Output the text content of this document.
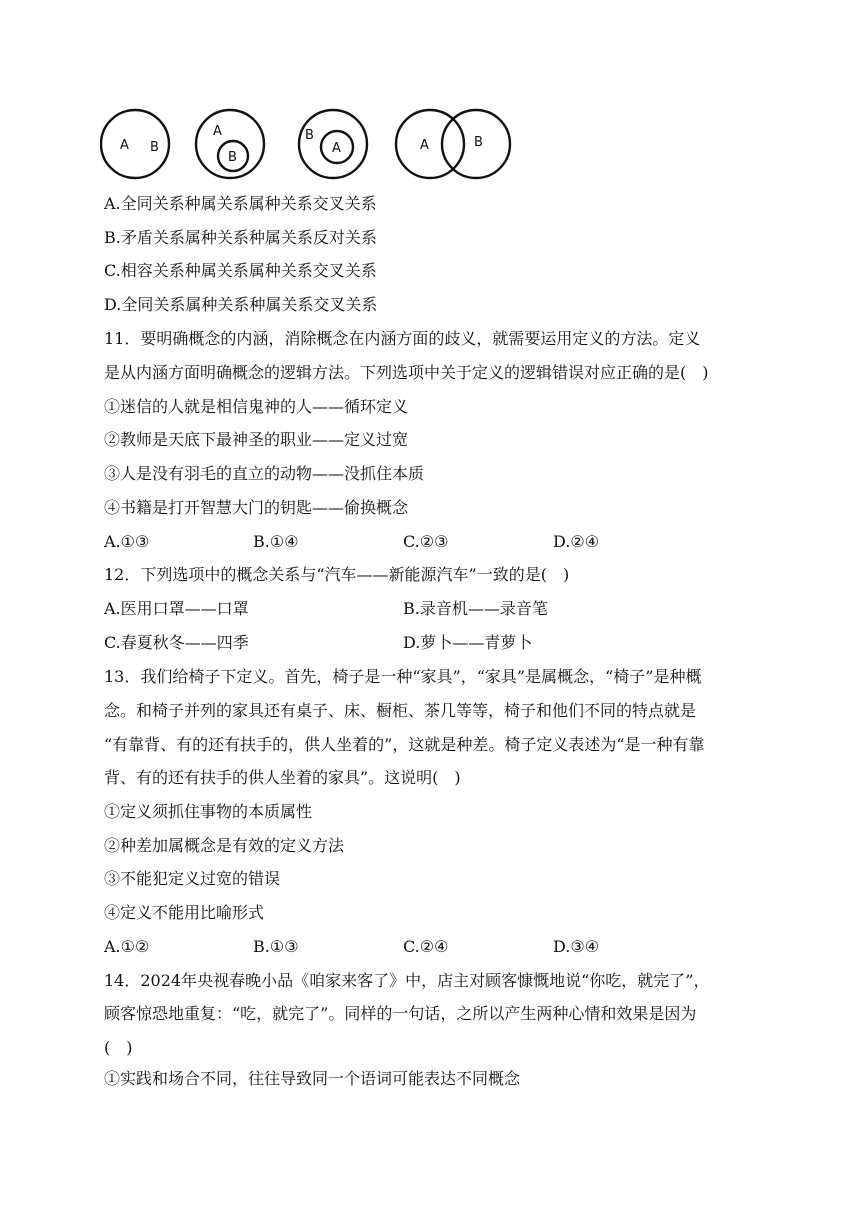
A B
A
B
B
A	A	B
A.全同关系种属关系属种关系交叉关系
B.矛盾关系属种关系种属关系反对关系
C.相容关系种属关系属种关系交叉关系
D.全同关系属种关系种属关系交叉关系
11．要明确概念的内涵，消除概念在内涵方面的歧义，就需要运用定义的方法。定义
是从内涵方面明确概念的逻辑方法。下列选项中关于定义的逻辑错误对应正确的是(　)
①迷信的人就是相信鬼神的人——循环定义
②教师是天底下最神圣的职业——定义过宽
③人是没有羽毛的直立的动物——没抓住本质
④书籍是打开智慧大门的钥匙——偷换概念
A.①③	B.①④	C.②③	D.②④
12．下列选项中的概念关系与“汽车——新能源汽车”一致的是(　)
A.医用口罩——口罩	B.录音机——录音笔
C.春夏秋冬——四季	D.萝卜——青萝卜
13．我们给椅子下定义。首先，椅子是一种“家具”，“家具”是属概念，“椅子”是种概
念。和椅子并列的家具还有桌子、床、橱柜、茶几等等，椅子和他们不同的特点就是
“有靠背、有的还有扶手的，供人坐着的”，这就是种差。椅子定义表述为“是一种有靠
背、有的还有扶手的供人坐着的家具”。这说明(　)
①定义须抓住事物的本质属性
②种差加属概念是有效的定义方法
③不能犯定义过宽的错误
④定义不能用比喻形式
A.①②	B.①③	C.②④	D.③④
14．2024年央视春晚小品《咱家来客了》中，店主对顾客慷慨地说“你吃，就完了”，
顾客惊恐地重复：“吃，就完了”。同样的一句话，之所以产生两种心情和效果是因为
(　)
①实践和场合不同，往往导致同一个语词可能表达不同概念
